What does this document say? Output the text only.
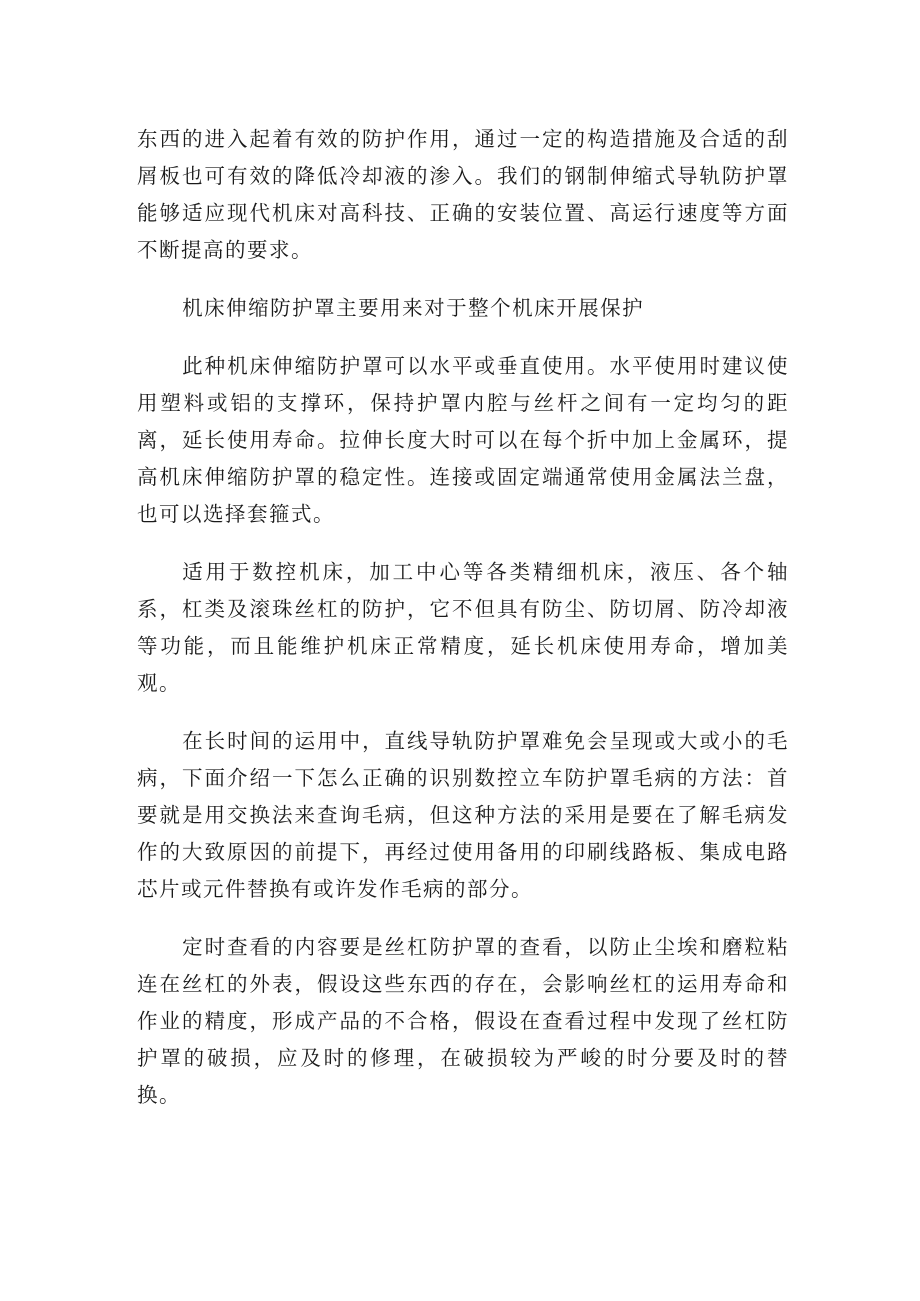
东西的进入起着有效的防护作用，通过一定的构造措施及合适的刮屑板也可有效的降低冷却液的渗入。我们的钢制伸缩式导轨防护罩能够适应现代机床对高科技、正确的安装位置、高运行速度等方面不断提高的要求。

机床伸缩防护罩主要用来对于整个机床开展保护

此种机床伸缩防护罩可以水平或垂直使用。水平使用时建议使用塑料或铝的支撑环，保持护罩内腔与丝杆之间有一定均匀的距离，延长使用寿命。拉伸长度大时可以在每个折中加上金属环，提高机床伸缩防护罩的稳定性。连接或固定端通常使用金属法兰盘，也可以选择套箍式。

适用于数控机床，加工中心等各类精细机床，液压、各个轴系，杠类及滚珠丝杠的防护，它不但具有防尘、防切屑、防冷却液等功能，而且能维护机床正常精度，延长机床使用寿命，增加美观。

在长时间的运用中，直线导轨防护罩难免会呈现或大或小的毛病，下面介绍一下怎么正确的识别数控立车防护罩毛病的方法：首要就是用交换法来查询毛病，但这种方法的采用是要在了解毛病发作的大致原因的前提下，再经过使用备用的印刷线路板、集成电路芯片或元件替换有或许发作毛病的部分。

定时查看的内容要是丝杠防护罩的查看，以防止尘埃和磨粒粘连在丝杠的外表，假设这些东西的存在，会影响丝杠的运用寿命和作业的精度，形成产品的不合格，假设在查看过程中发现了丝杠防护罩的破损，应及时的修理，在破损较为严峻的时分要及时的替换。
